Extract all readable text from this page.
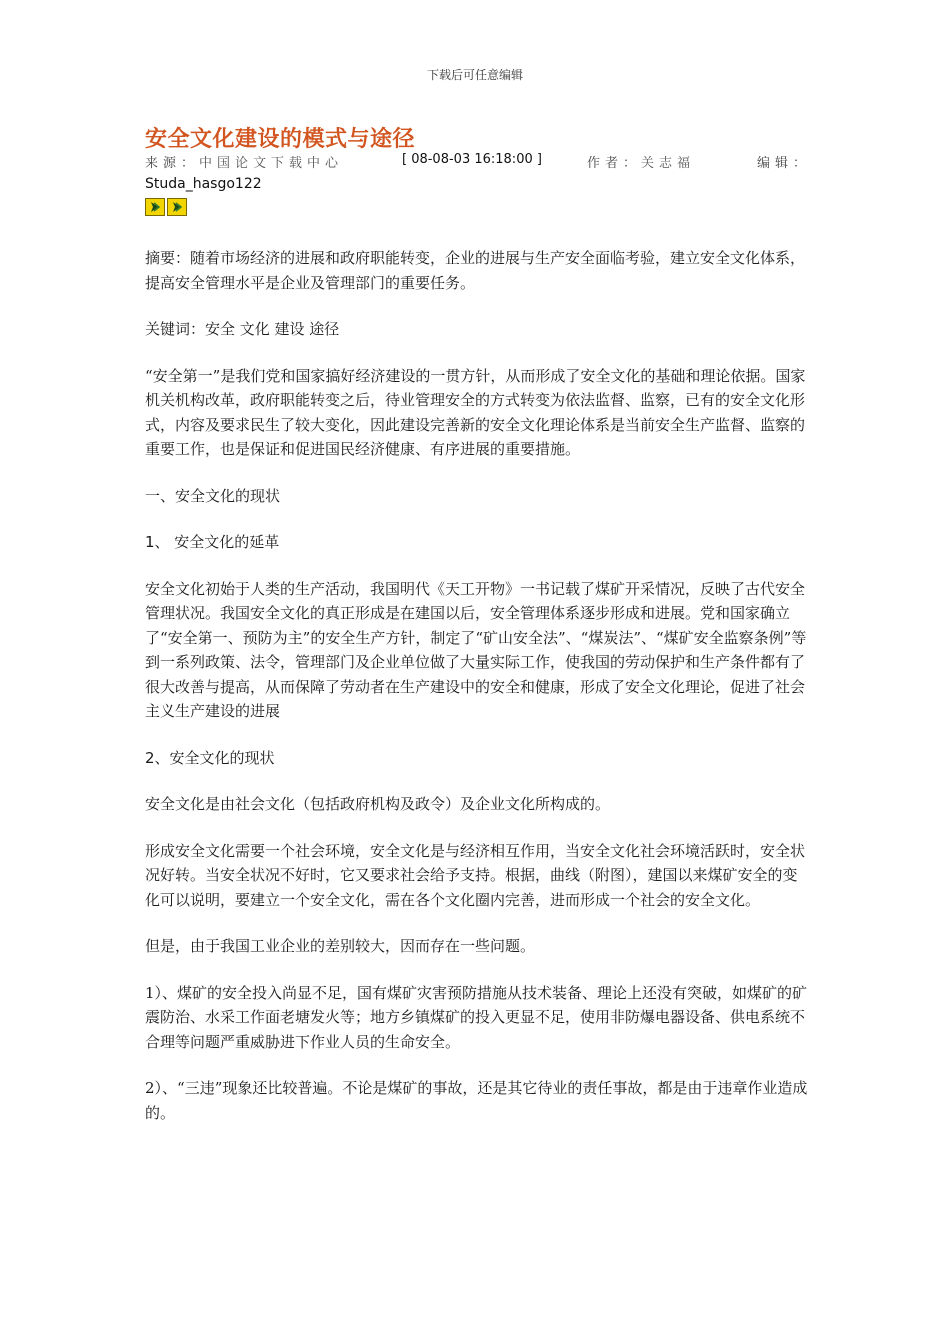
下载后可任意编辑
安全文化建设的模式与途径
来源：中国论文下载中心	[ 08-08-03 16:18:00 ]	作者：关志福	编辑：
Studa_hasgo122

摘要：随着市场经济的进展和政府职能转变，企业的进展与生产安全面临考验，建立安全文化体系，提高安全管理水平是企业及管理部门的重要任务。

关键词：安全 文化 建设 途径

“安全第一”是我们党和国家搞好经济建设的一贯方针，从而形成了安全文化的基础和理论依据。国家机关机构改革，政府职能转变之后，待业管理安全的方式转变为依法监督、监察，已有的安全文化形式，内容及要求民生了较大变化，因此建设完善新的安全文化理论体系是当前安全生产监督、监察的重要工作，也是保证和促进国民经济健康、有序进展的重要措施。

一、安全文化的现状

1、 安全文化的延革

安全文化初始于人类的生产活动，我国明代《天工开物》一书记载了煤矿开采情况，反映了古代安全管理状况。我国安全文化的真正形成是在建国以后，安全管理体系逐步形成和进展。党和国家确立了“安全第一、预防为主”的安全生产方针，制定了“矿山安全法”、“煤炭法”、“煤矿安全监察条例”等到一系列政策、法令，管理部门及企业单位做了大量实际工作，使我国的劳动保护和生产条件都有了很大改善与提高，从而保障了劳动者在生产建设中的安全和健康，形成了安全文化理论，促进了社会主义生产建设的进展

2、安全文化的现状

安全文化是由社会文化（包括政府机构及政令）及企业文化所构成的。

形成安全文化需要一个社会环境，安全文化是与经济相互作用，当安全文化社会环境活跃时，安全状况好转。当安全状况不好时，它又要求社会给予支持。根据，曲线（附图），建国以来煤矿安全的变化可以说明，要建立一个安全文化，需在各个文化圈内完善，进而形成一个社会的安全文化。

但是，由于我国工业企业的差别较大，因而存在一些问题。

1）、煤矿的安全投入尚显不足，国有煤矿灾害预防措施从技术装备、理论上还没有突破，如煤矿的矿震防治、水采工作面老塘发火等；地方乡镇煤矿的投入更显不足，使用非防爆电器设备、供电系统不合理等问题严重威胁进下作业人员的生命安全。

2）、“三违”现象还比较普遍。不论是煤矿的事故，还是其它待业的责任事故，都是由于违章作业造成的。
